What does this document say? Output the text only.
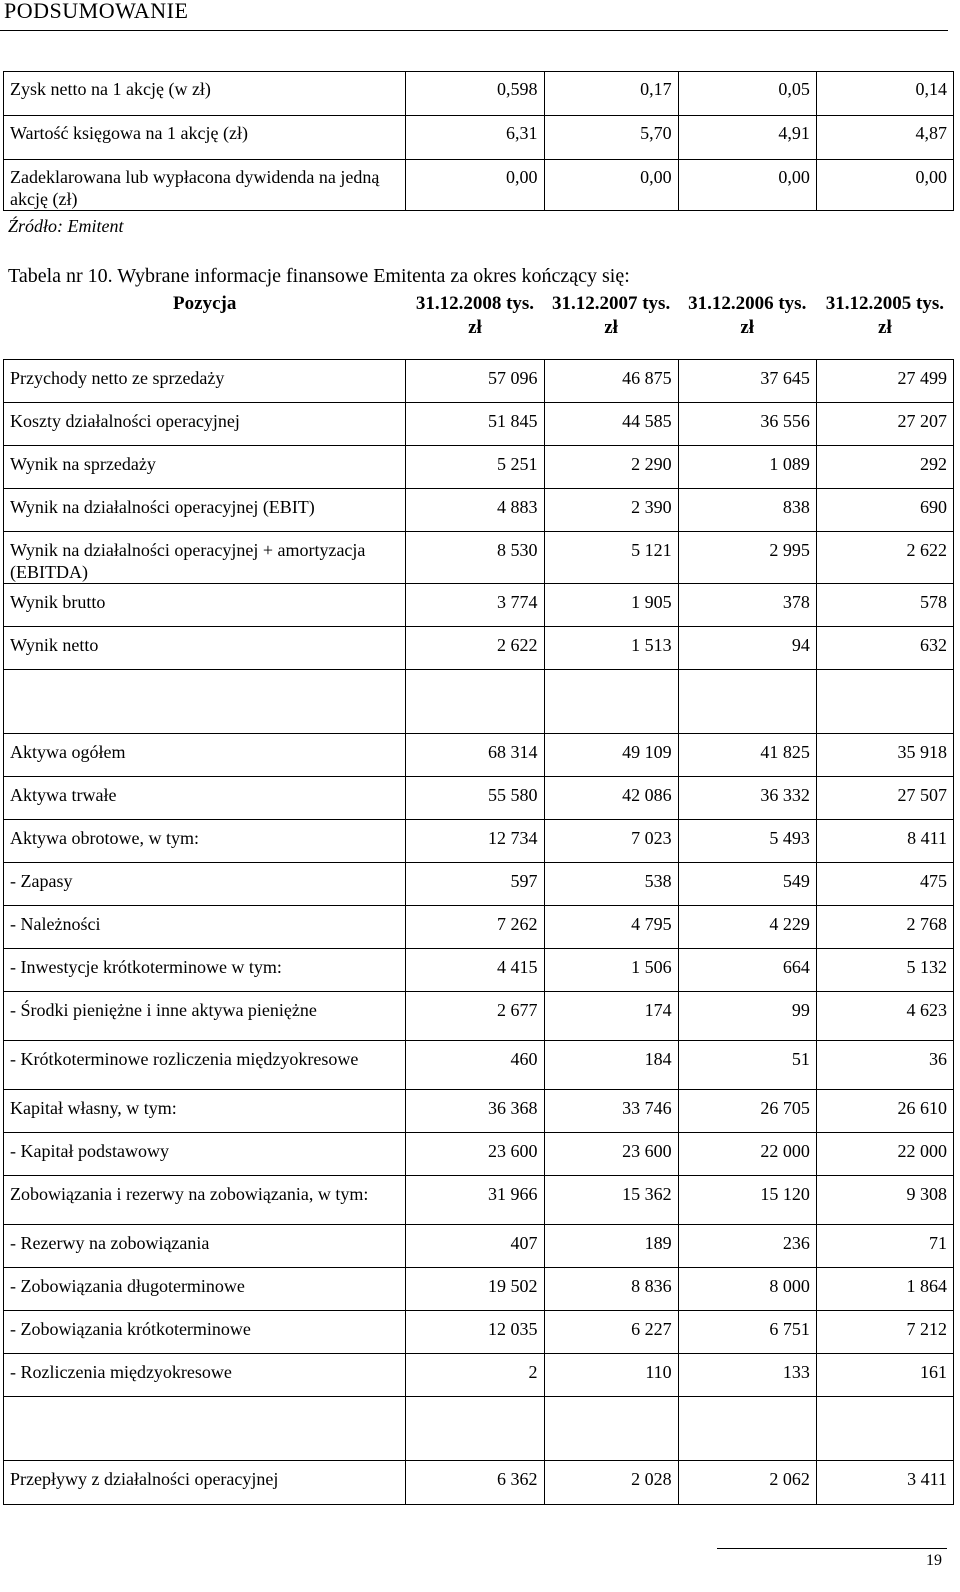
PODSUMOWANIE
Zysk netto na 1 akcję (w zł)	0,598	0,17	0,05	0,14
Wartość księgowa na 1 akcję (zł)	6,31	5,70	4,91	4,87
Zadeklarowana lub wypłacona dywidenda na jedną akcję (zł)	0,00	0,00	0,00	0,00
Źródło: Emitent
Tabela nr 10. Wybrane informacje finansowe Emitenta za okres kończący się:
Pozycja	31.12.2008 tys. zł	31.12.2007 tys. zł	31.12.2006 tys. zł	31.12.2005 tys. zł
Przychody netto ze sprzedaży	57 096	46 875	37 645	27 499
Koszty działalności operacyjnej	51 845	44 585	36 556	27 207
Wynik na sprzedaży	5 251	2 290	1 089	292
Wynik na działalności operacyjnej (EBIT)	4 883	2 390	838	690
Wynik na działalności operacyjnej + amortyzacja (EBITDA)	8 530	5 121	2 995	2 622
Wynik brutto	3 774	1 905	378	578
Wynik netto	2 622	1 513	94	632

Aktywa ogółem	68 314	49 109	41 825	35 918
Aktywa trwałe	55 580	42 086	36 332	27 507
Aktywa obrotowe, w tym:	12 734	7 023	5 493	8 411
- Zapasy	597	538	549	475
- Należności	7 262	4 795	4 229	2 768
- Inwestycje krótkoterminowe w tym:	4 415	1 506	664	5 132
- Środki pieniężne i inne aktywa pieniężne	2 677	174	99	4 623
- Krótkoterminowe rozliczenia międzyokresowe	460	184	51	36
Kapitał własny, w tym:	36 368	33 746	26 705	26 610
- Kapitał podstawowy	23 600	23 600	22 000	22 000
Zobowiązania i rezerwy na zobowiązania, w tym:	31 966	15 362	15 120	9 308
- Rezerwy na zobowiązania	407	189	236	71
- Zobowiązania długoterminowe	19 502	8 836	8 000	1 864
- Zobowiązania krótkoterminowe	12 035	6 227	6 751	7 212
- Rozliczenia międzyokresowe	2	110	133	161

Przepływy z działalności operacyjnej	6 362	2 028	2 062	3 411
19
